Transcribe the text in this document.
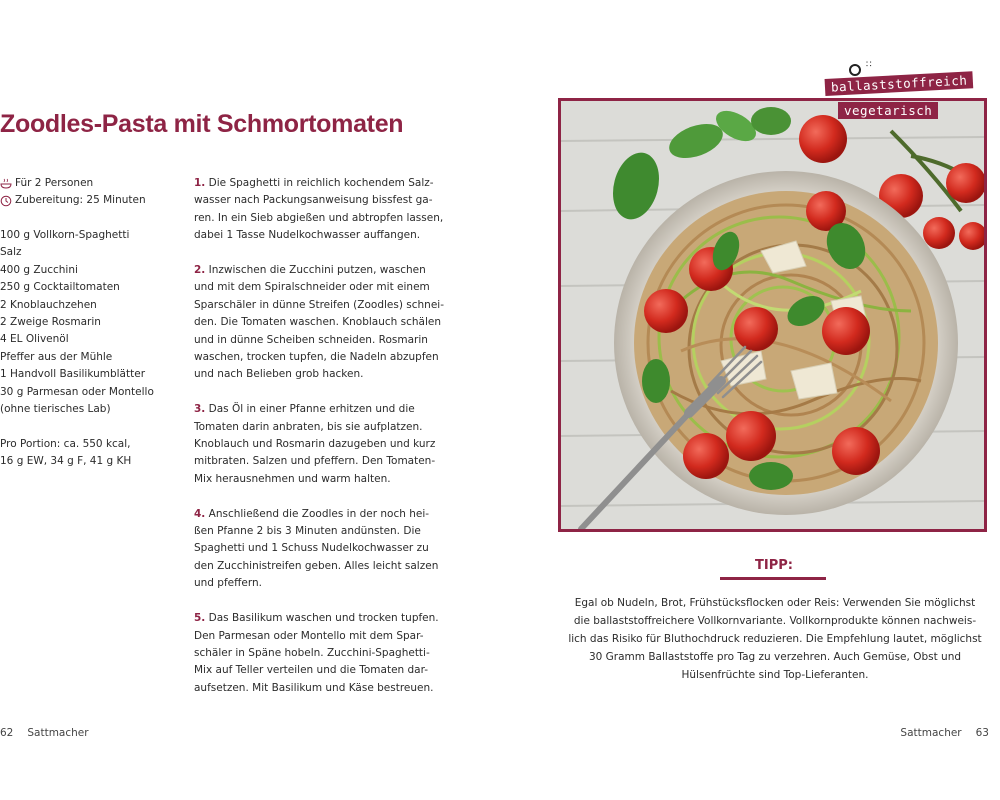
Zoodles-Pasta mit Schmortomaten
Für 2 Personen
Zubereitung: 25 Minuten
100 g Vollkorn-Spaghetti
Salz
400 g Zucchini
250 g Cocktailtomaten
2 Knoblauchzehen
2 Zweige Rosmarin
4 EL Olivenöl
Pfeffer aus der Mühle
1 Handvoll Basilikumblätter
30 g Parmesan oder Montello
(ohne tierisches Lab)
Pro Portion: ca. 550 kcal,
16 g EW, 34 g F, 41 g KH
1. Die Spaghetti in reichlich kochendem Salz-
wasser nach Packungsanweisung bissfest ga-
ren. In ein Sieb abgießen und abtropfen lassen,
dabei 1 Tasse Nudelkochwasser auffangen.
2. Inzwischen die Zucchini putzen, waschen
und mit dem Spiralschneider oder mit einem
Sparschäler in dünne Streifen (Zoodles) schnei-
den. Die Tomaten waschen. Knoblauch schälen
und in dünne Scheiben schneiden. Rosmarin
waschen, trocken tupfen, die Nadeln abzupfen
und nach Belieben grob hacken.
3. Das Öl in einer Pfanne erhitzen und die
Tomaten darin anbraten, bis sie aufplatzen.
Knoblauch und Rosmarin dazugeben und kurz
mitbraten. Salzen und pfeffern. Den Tomaten-
Mix herausnehmen und warm halten.
4. Anschließend die Zoodles in der noch hei-
ßen Pfanne 2 bis 3 Minuten andünsten. Die
Spaghetti und 1 Schuss Nudelkochwasser zu
den Zucchinistreifen geben. Alles leicht salzen
und pfeffern.
5. Das Basilikum waschen und trocken tupfen.
Den Parmesan oder Montello mit dem Spar-
schäler in Späne hobeln. Zucchini-Spaghetti-
Mix auf Teller verteilen und die Tomaten dar-
aufsetzen. Mit Basilikum und Käse bestreuen.
∷
ballaststoffreich
vegetarisch
TIPP:
Egal ob Nudeln, Brot, Frühstücksflocken oder Reis: Verwenden Sie möglichst
die ballaststoffreichere Vollkornvariante. Vollkornprodukte können nachweis-
lich das Risiko für Bluthochdruck reduzieren. Die Empfehlung lautet, möglichst
30 Gramm Ballaststoffe pro Tag zu verzehren. Auch Gemüse, Obst und
Hülsenfrüchte sind Top-Lieferanten.
62 Sattmacher	Sattmacher 63
